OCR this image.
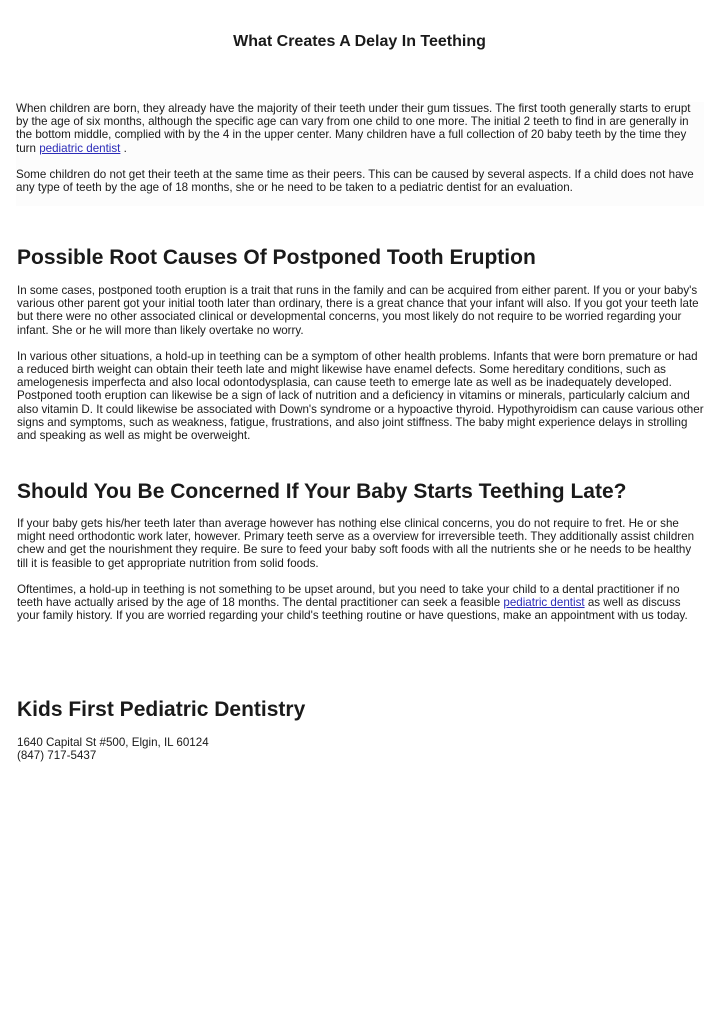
What Creates A Delay In Teething

When children are born, they already have the majority of their teeth under their gum tissues. The first tooth generally starts to erupt by the age of six months, although the specific age can vary from one child to one more. The initial 2 teeth to find in are generally in the bottom middle, complied with by the 4 in the upper center. Many children have a full collection of 20 baby teeth by the time they turn pediatric dentist .

Some children do not get their teeth at the same time as their peers. This can be caused by several aspects. If a child does not have any type of teeth by the age of 18 months, she or he need to be taken to a pediatric dentist for an evaluation.

Possible Root Causes Of Postponed Tooth Eruption

In some cases, postponed tooth eruption is a trait that runs in the family and can be acquired from either parent. If you or your baby's various other parent got your initial tooth later than ordinary, there is a great chance that your infant will also. If you got your teeth late but there were no other associated clinical or developmental concerns, you most likely do not require to be worried regarding your infant. She or he will more than likely overtake no worry.

In various other situations, a hold-up in teething can be a symptom of other health problems. Infants that were born premature or had a reduced birth weight can obtain their teeth late and might likewise have enamel defects. Some hereditary conditions, such as amelogenesis imperfecta and also local odontodysplasia, can cause teeth to emerge late as well as be inadequately developed. Postponed tooth eruption can likewise be a sign of lack of nutrition and a deficiency in vitamins or minerals, particularly calcium and also vitamin D. It could likewise be associated with Down's syndrome or a hypoactive thyroid. Hypothyroidism can cause various other signs and symptoms, such as weakness, fatigue, frustrations, and also joint stiffness. The baby might experience delays in strolling and speaking as well as might be overweight.

Should You Be Concerned If Your Baby Starts Teething Late?

If your baby gets his/her teeth later than average however has nothing else clinical concerns, you do not require to fret. He or she might need orthodontic work later, however. Primary teeth serve as a overview for irreversible teeth. They additionally assist children chew and get the nourishment they require. Be sure to feed your baby soft foods with all the nutrients she or he needs to be healthy till it is feasible to get appropriate nutrition from solid foods.

Oftentimes, a hold-up in teething is not something to be upset around, but you need to take your child to a dental practitioner if no teeth have actually arised by the age of 18 months. The dental practitioner can seek a feasible pediatric dentist as well as discuss your family history. If you are worried regarding your child's teething routine or have questions, make an appointment with us today.

Kids First Pediatric Dentistry

1640 Capital St #500, Elgin, IL 60124

(847) 717-5437
